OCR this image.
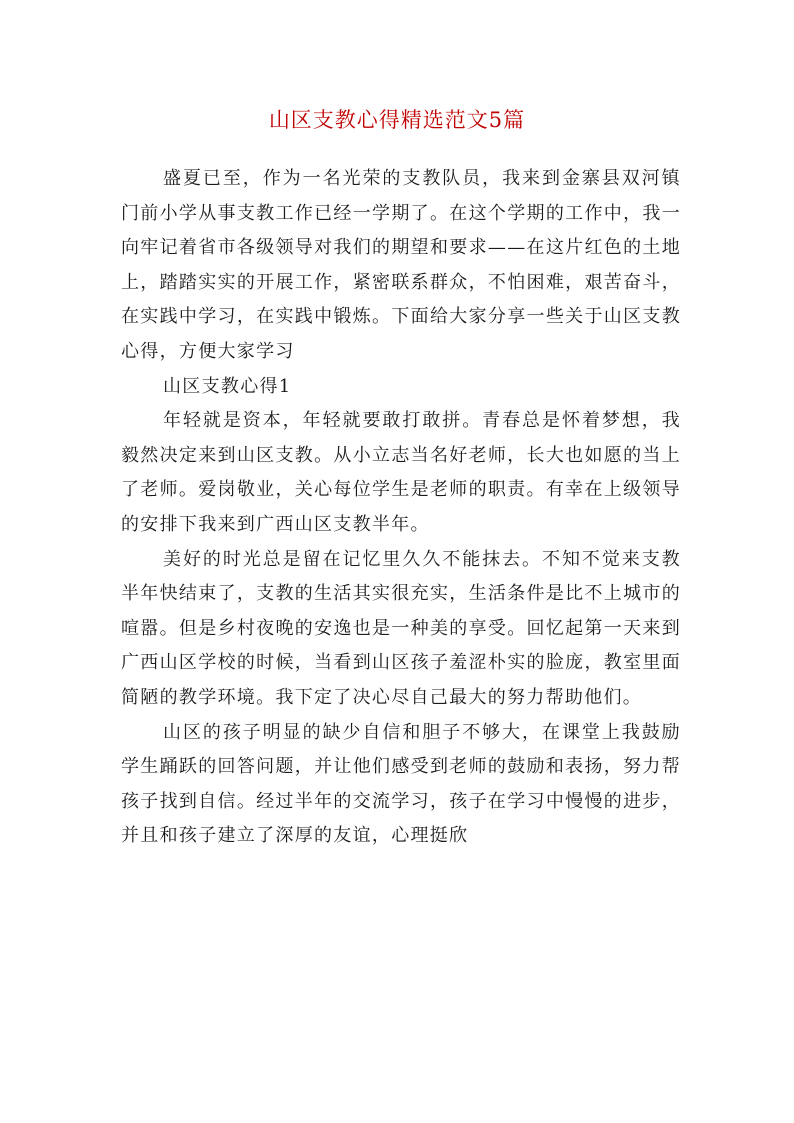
山区支教心得精选范文5篇

盛夏已至，作为一名光荣的支教队员，我来到金寨县双河镇门前小学从事支教工作已经一学期了。在这个学期的工作中，我一向牢记着省市各级领导对我们的期望和要求——在这片红色的土地上，踏踏实实的开展工作，紧密联系群众，不怕困难，艰苦奋斗，在实践中学习，在实践中锻炼。下面给大家分享一些关于山区支教心得，方便大家学习

山区支教心得1

年轻就是资本，年轻就要敢打敢拼。青春总是怀着梦想，我毅然决定来到山区支教。从小立志当名好老师，长大也如愿的当上了老师。爱岗敬业，关心每位学生是老师的职责。有幸在上级领导的安排下我来到广西山区支教半年。

美好的时光总是留在记忆里久久不能抹去。不知不觉来支教半年快结束了，支教的生活其实很充实，生活条件是比不上城市的喧嚣。但是乡村夜晚的安逸也是一种美的享受。回忆起第一天来到广西山区学校的时候，当看到山区孩子羞涩朴实的脸庞，教室里面简陋的教学环境。我下定了决心尽自己最大的努力帮助他们。

山区的孩子明显的缺少自信和胆子不够大，在课堂上我鼓励学生踊跃的回答问题，并让他们感受到老师的鼓励和表扬，努力帮孩子找到自信。经过半年的交流学习，孩子在学习中慢慢的进步，并且和孩子建立了深厚的友谊，心理挺欣
